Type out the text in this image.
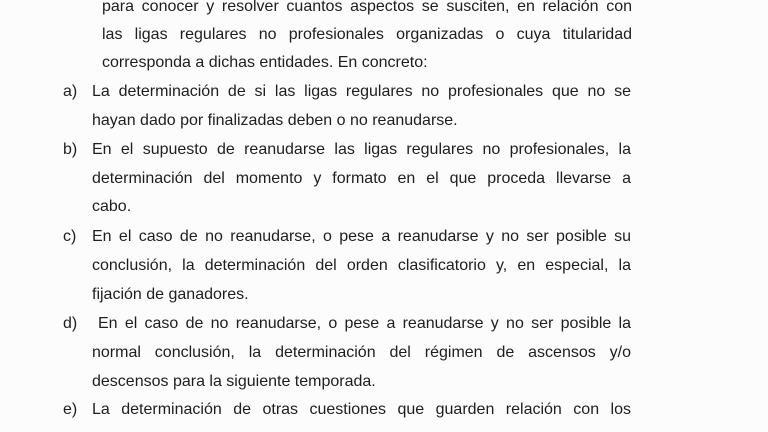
para conocer y resolver cuantos aspectos se susciten, en relación con
las ligas regulares no profesionales organizadas o cuya titularidad
corresponda a dichas entidades. En concreto:
a) La determinación de si las ligas regulares no profesionales que no se
hayan dado por finalizadas deben o no reanudarse.
b) En el supuesto de reanudarse las ligas regulares no profesionales, la
determinación del momento y formato en el que proceda llevarse a
cabo.
c) En el caso de no reanudarse, o pese a reanudarse y no ser posible su
conclusión, la determinación del orden clasificatorio y, en especial, la
fijación de ganadores.
d)	En el caso de no reanudarse, o pese a reanudarse y no ser posible la
normal conclusión, la determinación del régimen de ascensos y/o
descensos para la siguiente temporada.
e) La determinación de otras cuestiones que guarden relación con los
